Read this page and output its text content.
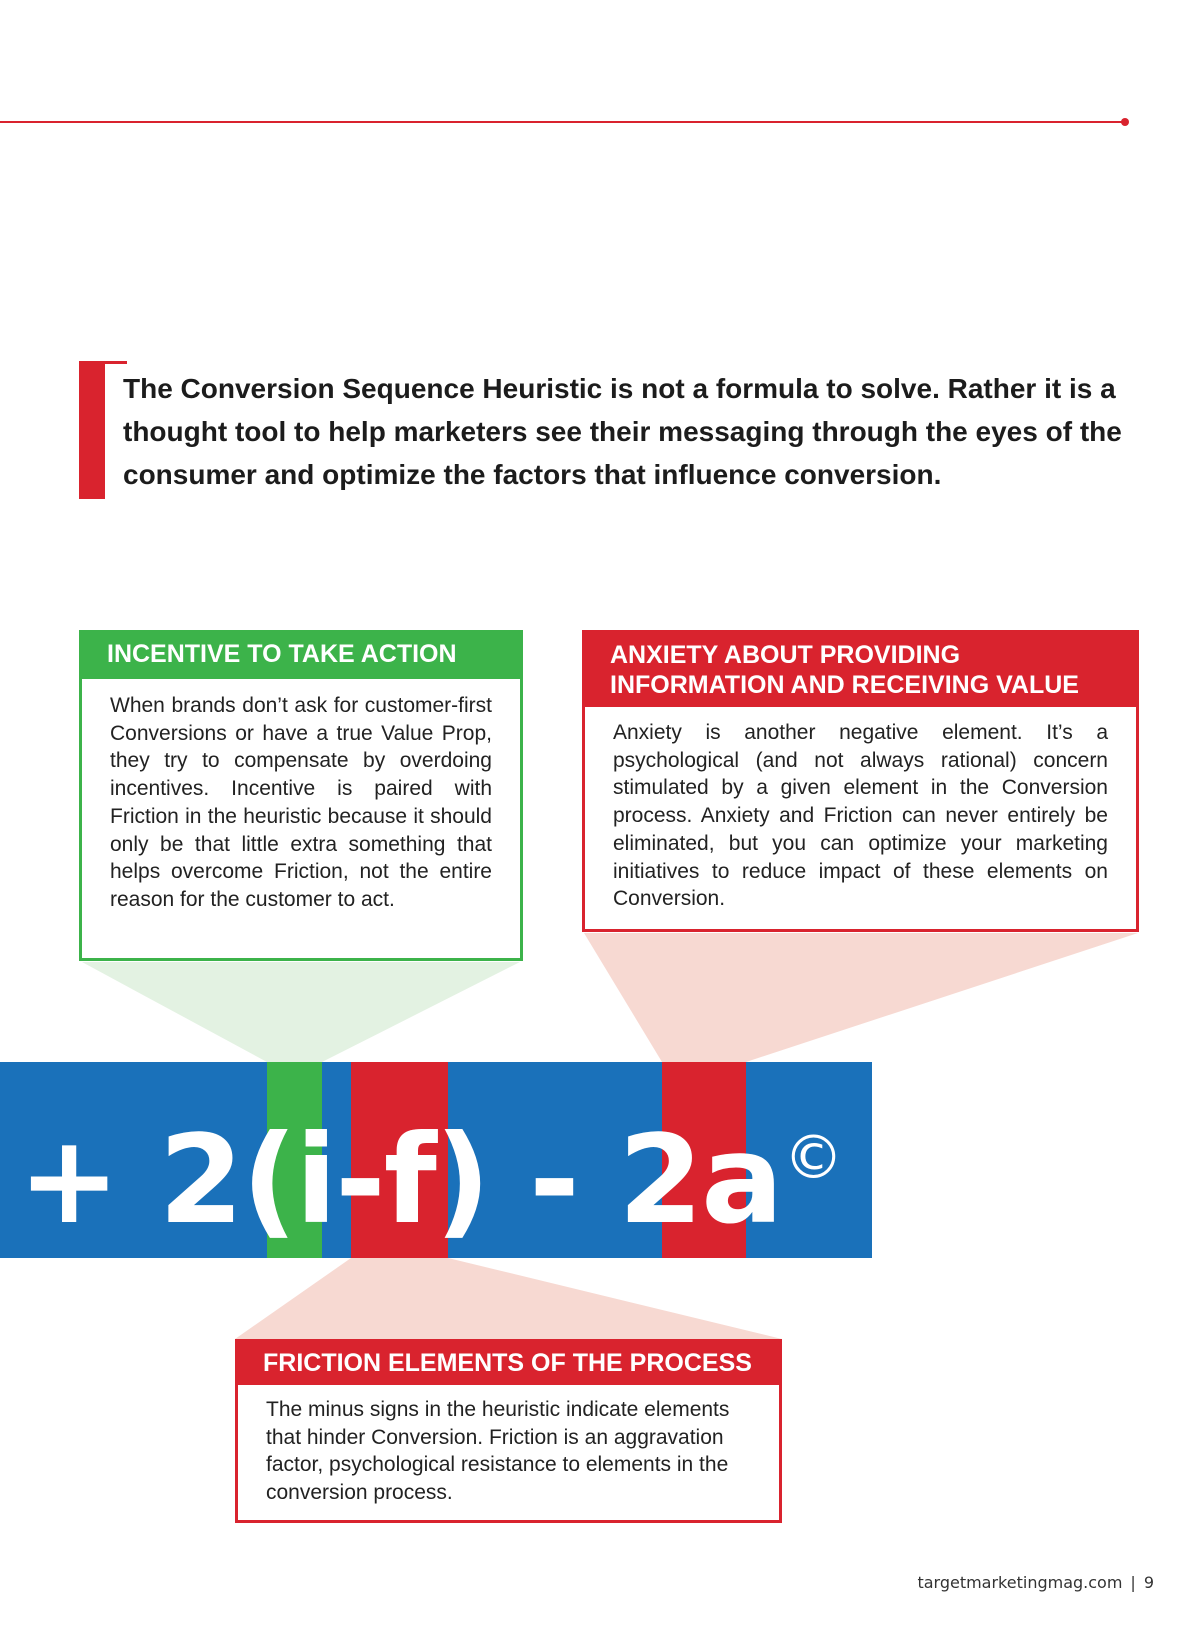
The Conversion Sequence Heuristic is not a formula to solve. Rather it is a thought tool to help marketers see their messaging through the eyes of the consumer and optimize the factors that influence conversion.
INCENTIVE TO TAKE ACTION
When brands don’t ask for customer-first Conversions or have a true Value Prop, they try to compensate by overdoing incentives. Incentive is paired with Friction in the heuristic because it should only be that little extra something that helps overcome Friction, not the entire reason for the customer to act.
ANXIETY ABOUT PROVIDING INFORMATION AND RECEIVING VALUE
Anxiety is another negative element. It’s a psychological (and not always rational) concern stimulated by a given element in the Conversion process. Anxiety and Friction can never entirely be eliminated, but you can optimize your marketing initiatives to reduce impact of these elements on Conversion.
+ 2(i-f) - 2a©
FRICTION ELEMENTS OF THE PROCESS
The minus signs in the heuristic indicate elements that hinder Conversion. Friction is an aggravation factor, psychological resistance to elements in the conversion process.
targetmarketingmag.com | 9
